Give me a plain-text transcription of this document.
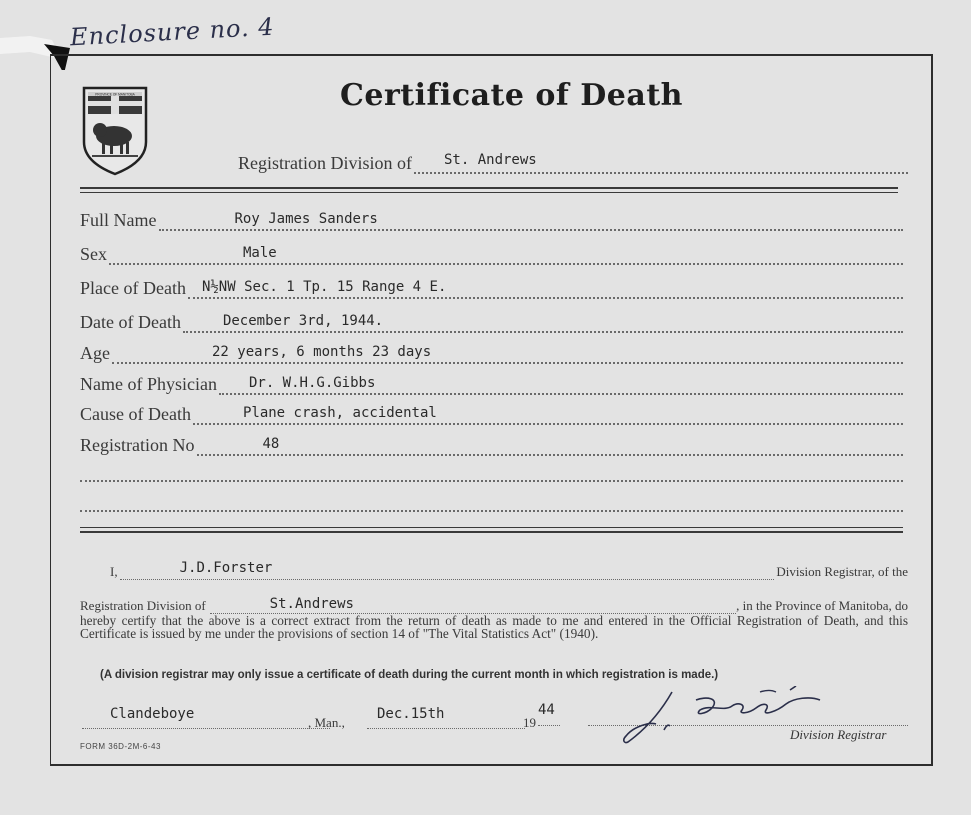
Enclosure no. 4
PROVINCE OF MANITOBA	Certificate of Death
Registration Division of St. Andrews
Full Name	Roy James Sanders
Sex	Male
Place of Death N½NW Sec. 1 Tp. 15 Range 4 E.
Date of Death	December 3rd, 1944.
Age	22 years, 6 months 23 days
Name of Physician Dr. W.H.G.Gibbs
Cause of Death	Plane crash, accidental
Registration No	48
I,	J.D.Forster	Division Registrar, of the
Registration Division of	St.Andrews	, in the Province of Manitoba, do
hereby certify that the above is a correct extract from the return of death as made to me and entered in the Official Registration of Death, and this Certificate is issued by me under the provisions of section 14 of "The Vital Statistics Act" (1940).
(A division registrar may only issue a certificate of death during the current month in which registration is made.)
Clandeboye
, Man.,
Dec.15th
19
44
Division Registrar
FORM 36D-2M-6-43
